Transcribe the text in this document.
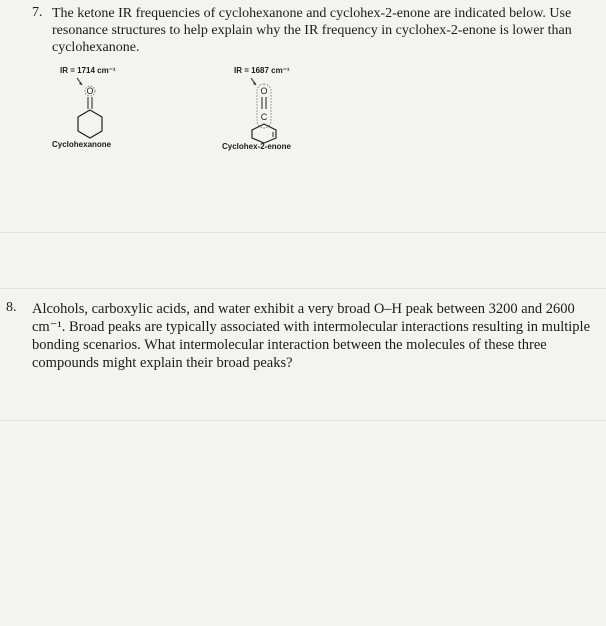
7. The ketone IR frequencies of cyclohexanone and cyclohex-2-enone are indicated below. Use resonance structures to help explain why the IR frequency in cyclohex-2-enone is lower than cyclohexanone.
IR = 1714 cm⁻¹	IR = 1687 cm⁻¹
O	O
C
Cyclohexanone	Cyclohex-2-enone
8. Alcohols, carboxylic acids, and water exhibit a very broad O–H peak between 3200 and 2600 cm⁻¹. Broad peaks are typically associated with intermolecular interactions resulting in multiple bonding scenarios. What intermolecular interaction between the molecules of these three compounds might explain their broad peaks?
